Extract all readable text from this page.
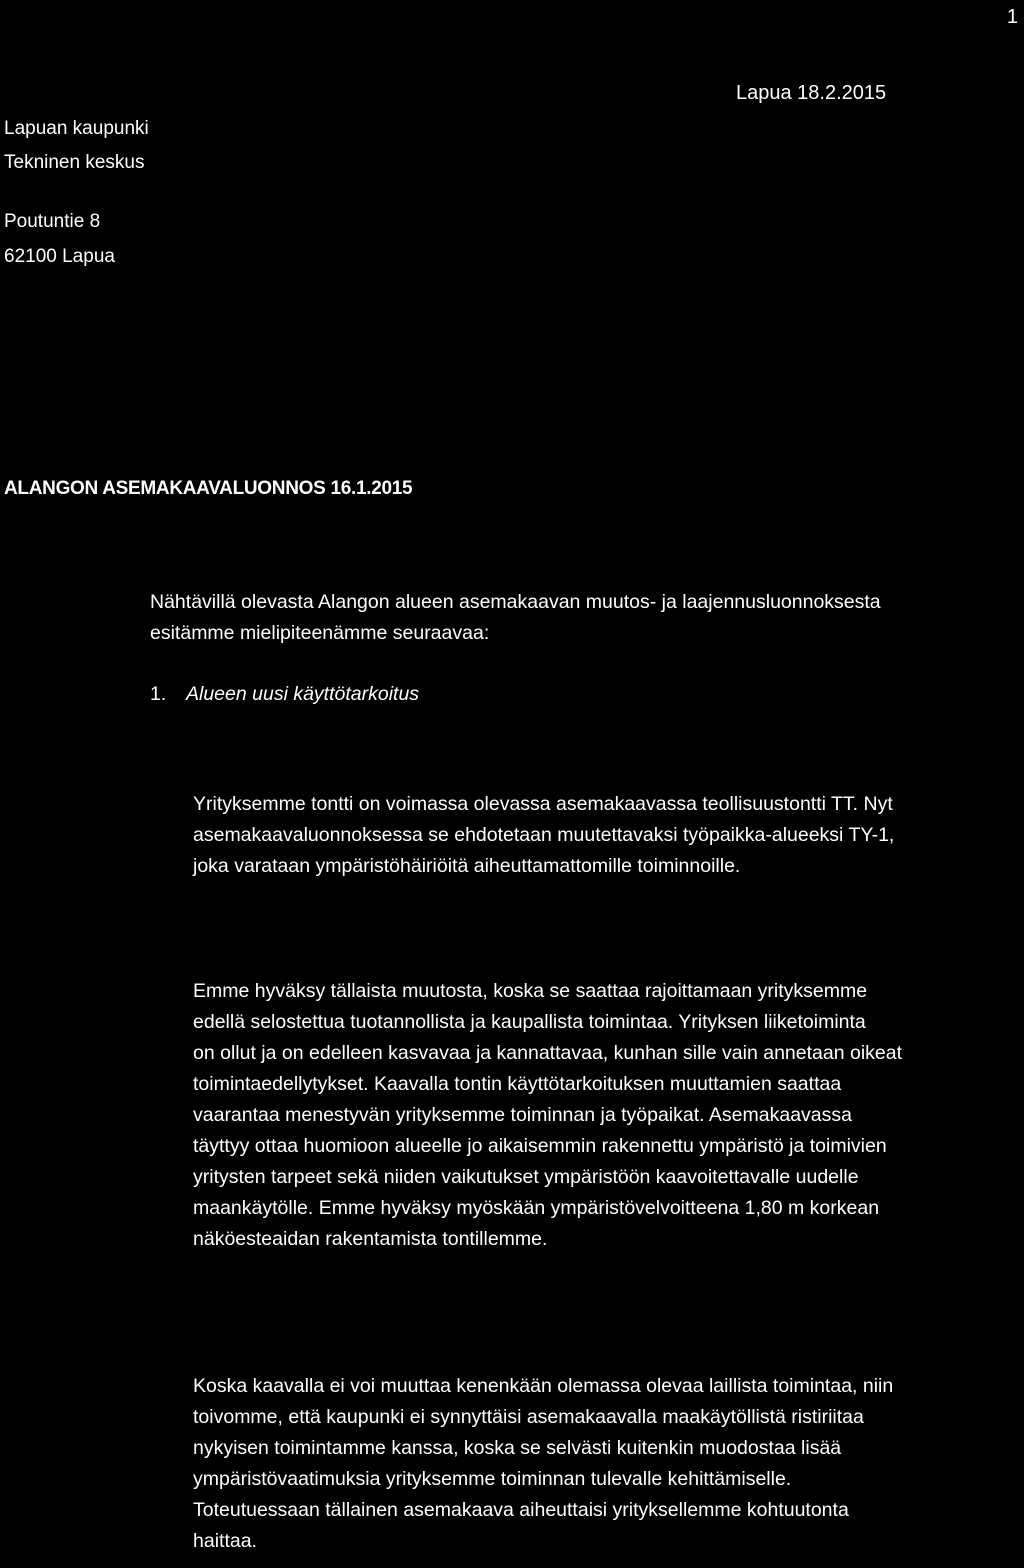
1
Lapuan kaupunki
Tekninen keskus
Poutuntie 8
62100 Lapua
Lapua 18.2.2015
ALANGON ASEMAKAAVALUONNOS 16.1.2015
Nähtävillä olevasta Alangon alueen asemakaavan muutos- ja laajennusluonnoksesta
esitämme mielipiteenämme seuraavaa:
1. Alueen uusi käyttötarkoitus
Yrityksemme tontti on voimassa olevassa asemakaavassa teollisuustontti TT. Nyt
asemakaavaluonnoksessa se ehdotetaan muutettavaksi työpaikka-alueeksi TY-1,
joka varataan ympäristöhäiriöitä aiheuttamattomille toiminnoille.
Emme hyväksy tällaista muutosta, koska se saattaa rajoittamaan yrityksemme
edellä selostettua tuotannollista ja kaupallista toimintaa. Yrityksen liiketoiminta
on ollut ja on edelleen kasvavaa ja kannattavaa, kunhan sille vain annetaan oikeat
toimintaedellytykset. Kaavalla tontin käyttötarkoituksen muuttamien saattaa
vaarantaa menestyvän yrityksemme toiminnan ja työpaikat. Asemakaavassa
täyttyy ottaa huomioon alueelle jo aikaisemmin rakennettu ympäristö ja toimivien
yritysten tarpeet sekä niiden vaikutukset ympäristöön kaavoitettavalle uudelle
maankäytölle. Emme hyväksy myöskään ympäristövelvoitteena 1,80 m korkean
näköesteaidan rakentamista tontillemme.
Koska kaavalla ei voi muuttaa kenenkään olemassa olevaa laillista toimintaa, niin
toivomme, että kaupunki ei synnyttäisi asemakaavalla maakäytöllistä ristiriitaa
nykyisen toimintamme kanssa, koska se selvästi kuitenkin muodostaa lisää
ympäristövaatimuksia yrityksemme toiminnan tulevalle kehittämiselle.
Toteutuessaan tällainen asemakaava aiheuttaisi yrityksellemme kohtuutonta
haittaa.
